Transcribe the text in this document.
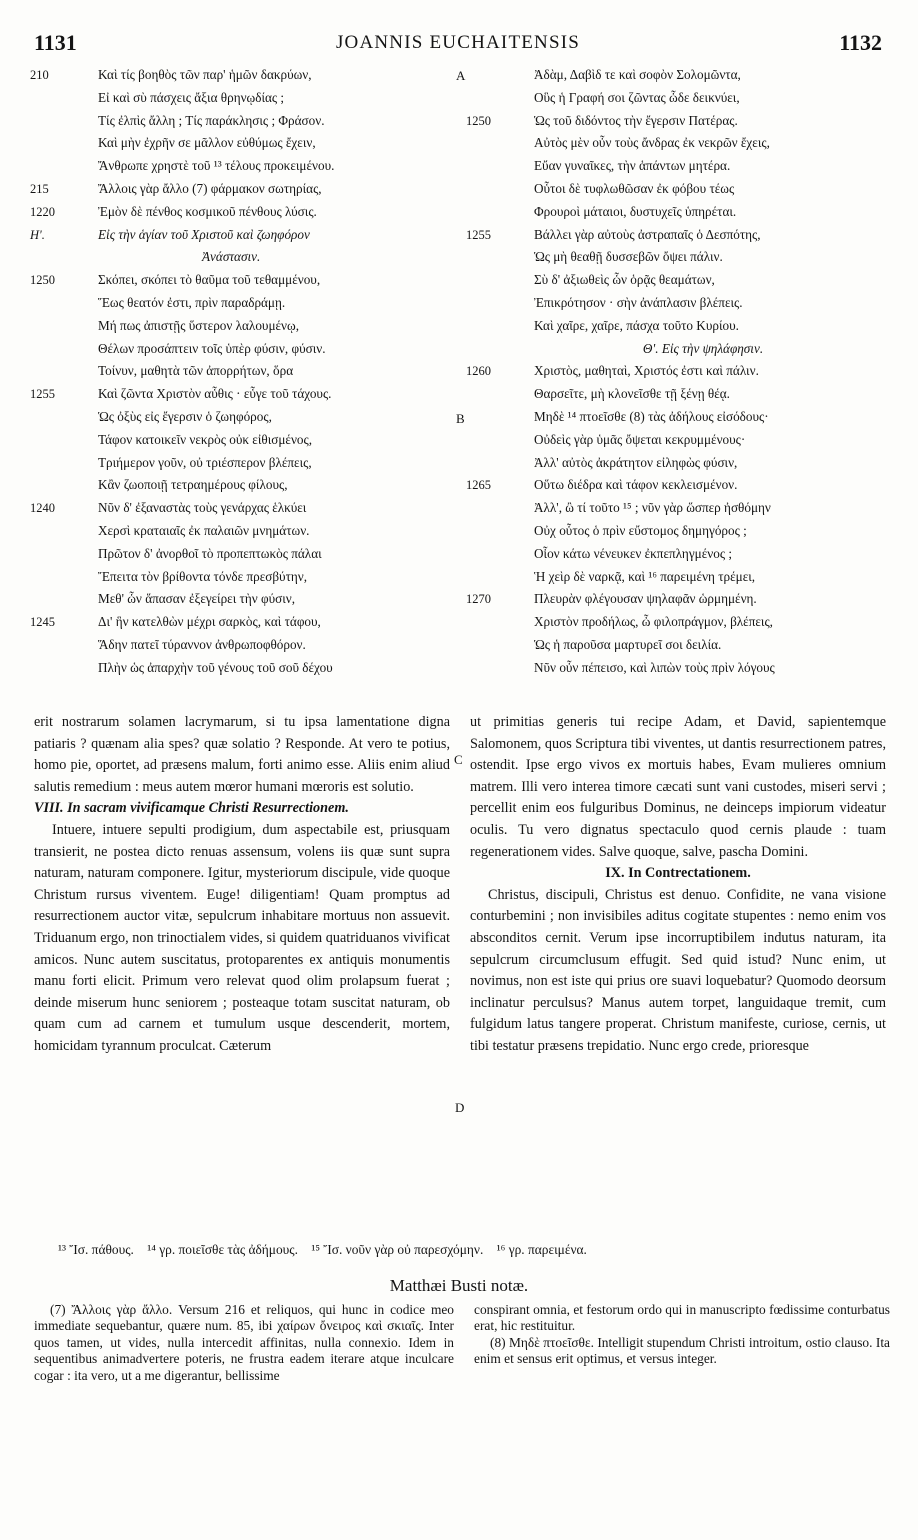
1131	JOANNIS EUCHAITENSIS	1132
210	Καὶ τίς βοηθὸς τῶν παρ' ἡμῶν δακρύων,
Εἰ καὶ σὺ πάσχεις ἄξια θρηνῳδίας ;
Τίς ἐλπὶς ἄλλη ; Τίς παράκλησις ; Φράσον.
Καὶ μὴν ἐχρῆν σε μᾶλλον εὐθύμως ἔχειν,
Ἄνθρωπε χρηστὲ τοῦ ¹³ τέλους προκειμένου.
215	Ἄλλοις γὰρ ἄλλο (7) φάρμακον σωτηρίας,
1220	Ἐμὸν δὲ πένθος κοσμικοῦ πένθους λύσις.
Η'.	Εἰς τὴν ἁγίαν τοῦ Χριστοῦ καὶ ζωηφόρον
Ἀνάστασιν.
1250	Σκόπει, σκόπει τὸ θαῦμα τοῦ τεθαμμένου,
Ἕως θεατόν ἐστι, πρὶν παραδράμῃ.
Μή πως ἀπιστῇς ὕστερον λαλουμένῳ,
Θέλων προσάπτειν τοῖς ὑπὲρ φύσιν, φύσιν.
Τοίνυν, μαθητὰ τῶν ἀπορρήτων, ὅρα
1255	Καὶ ζῶντα Χριστὸν αὖθις · εὖγε τοῦ τάχους.
Ὡς ὀξὺς εἰς ἔγερσιν ὁ ζωηφόρος,
Τάφον κατοικεῖν νεκρὸς οὐκ εἰθισμένος,
Τριήμερον γοῦν, οὐ τριέσπερον βλέπεις,
Κἂν ζωοποιῇ τετραημέρους φίλους,
1240	Νῦν δ' ἐξαναστὰς τοὺς γενάρχας ἑλκύει
Χερσὶ κραταιαῖς ἐκ παλαιῶν μνημάτων.
Πρῶτον δ' ἀνορθοῖ τὸ προπεπτωκὸς πάλαι
Ἔπειτα τὸν βρίθοντα τόνδε πρεσβύτην,
Μεθ' ὧν ἅπασαν ἐξεγείρει τὴν φύσιν,
1245	Δι' ἣν κατελθὼν μέχρι σαρκὸς, καὶ τάφου,
Ἅδην πατεῖ τύραννον ἀνθρωποφθόρον.
Πλὴν ὡς ἀπαρχὴν τοῦ γένους τοῦ σοῦ δέχου
Ἀδὰμ, Δαβὶδ τε καὶ σοφὸν Σολομῶντα,
Οὓς ἡ Γραφή σοι ζῶντας ὧδε δεικνύει,
1250	Ὡς τοῦ διδόντος τὴν ἔγερσιν Πατέρας.
Αὐτὸς μὲν οὖν τοὺς ἄνδρας ἐκ νεκρῶν ἔχεις,
Εὔαν γυναῖκες, τὴν ἁπάντων μητέρα.
Οὗτοι δὲ τυφλωθῶσαν ἐκ φόβου τέως
Φρουροὶ μάταιοι, δυστυχεῖς ὑπηρέται.
1255	Βάλλει γὰρ αὐτοὺς ἀστραπαῖς ὁ Δεσπότης,
Ὡς μὴ θεαθῇ δυσσεβῶν ὄψει πάλιν.
Σὺ δ' ἀξιωθεὶς ὧν ὁρᾷς θεαμάτων,
Ἐπικρότησον · σὴν ἀνάπλασιν βλέπεις.
Καὶ χαῖρε, χαῖρε, πάσχα τοῦτο Κυρίου.
Θ'. Εἰς τὴν ψηλάφησιν.
1260	Χριστὸς, μαθηταὶ, Χριστός ἐστι καὶ πάλιν.
Θαρσεῖτε, μὴ κλονεῖσθε τῇ ξένῃ θέᾳ.
Μηδὲ ¹⁴ πτοεῖσθε (8) τὰς ἀδήλους εἰσόδους·
Οὐδεὶς γὰρ ὑμᾶς ὄψεται κεκρυμμένους·
Ἀλλ' αὐτὸς ἀκράτητον εἰληφὼς φύσιν,
1265	Οὕτω διέδρα καὶ τάφον κεκλεισμένον.
Ἀλλ', ὢ τί τοῦτο ¹⁵ ; νῦν γὰρ ὥσπερ ἠσθόμην
Οὐχ οὗτος ὁ πρὶν εὔστομος δημηγόρος ;
Οἷον κάτω νένευκεν ἐκπεπληγμένος ;
Ἡ χεὶρ δὲ ναρκᾷ, καὶ ¹⁶ παρειμένη τρέμει,
1270	Πλευρὰν φλέγουσαν ψηλαφᾶν ὡρμημένη.
Χριστὸν προδήλως, ὦ φιλοπράγμον, βλέπεις,
Ὡς ἡ παροῦσα μαρτυρεῖ σοι δειλία.
Νῦν οὖν πέπεισο, καὶ λιπὼν τοὺς πρὶν λόγους
A
B
C
D

erit nostrarum solamen lacrymarum, si tu ipsa lamentatione digna patiaris ? quænam alia spes? quæ solatio ? Responde. At vero te potius, homo pie, oportet, ad præsens malum, forti animo esse. Aliis enim aliud salutis remedium : meus autem mœror humani mœroris est solutio.

VIII. In sacram vivificamque Christi Resurrectionem.

Intuere, intuere sepulti prodigium, dum aspectabile est, priusquam transierit, ne postea dicto renuas assensum, volens iis quæ sunt supra naturam, naturam componere. Igitur, mysteriorum discipule, vide quoque Christum rursus viventem. Euge! diligentiam! Quam promptus ad resurrectionem auctor vitæ, sepulcrum inhabitare mortuus non assuevit. Triduanum ergo, non trinoctialem vides, si quidem quatriduanos vivificat amicos. Nunc autem suscitatus, protoparentes ex antiquis monumentis manu forti elicit. Primum vero relevat quod olim prolapsum fuerat ; deinde miserum hunc seniorem ; posteaque totam suscitat naturam, ob quam cum ad carnem et tumulum usque descenderit, mortem, homicidam tyrannum proculcat. Cæterum

ut primitias generis tui recipe Adam, et David, sapientemque Salomonem, quos Scriptura tibi viventes, ut dantis resurrectionem patres, ostendit. Ipse ergo vivos ex mortuis habes, Evam mulieres omnium matrem. Illi vero interea timore cæcati sunt vani custodes, miseri servi ; percellit enim eos fulguribus Dominus, ne deinceps impiorum videatur oculis. Tu vero dignatus spectaculo quod cernis plaude : tuam regenerationem vides. Salve quoque, salve, pascha Domini.

IX. In Contrectationem.

Christus, discipuli, Christus est denuo. Confidite, ne vana visione conturbemini ; non invisibiles aditus cogitate stupentes : nemo enim vos absconditos cernit. Verum ipse incorruptibilem indutus naturam, ita sepulcrum circumclusum effugit. Sed quid istud? Nunc enim, ut novimus, non est iste qui prius ore suavi loquebatur? Quomodo deorsum inclinatur perculsus? Manus autem torpet, languidaque tremit, cum fulgidum latus tangere properat. Christum manifeste, curiose, cernis, ut tibi testatur præsens trepidatio. Nunc ergo crede, prioresque

¹³ Ἴσ. πάθους. ¹⁴ γρ. ποιεῖσθε τὰς ἀδήμους. ¹⁵ Ἴσ. νοῦν γὰρ οὐ παρεσχόμην. ¹⁶ γρ. παρειμένα.
Matthæi Busti notæ.

(7) Ἄλλοις γὰρ ἄλλο. Versum 216 et reliquos, qui hunc in codice meo immediate sequebantur, quære num. 85, ibi χαίρων ὄνειρος καὶ σκιαῖς. Inter quos tamen, ut vides, nulla intercedit affinitas, nulla connexio. Idem in sequentibus animadvertere poteris, ne frustra eadem iterare atque inculcare cogar : ita vero, ut a me digerantur, bellissime

conspirant omnia, et festorum ordo qui in manuscripto fœdissime conturbatus erat, hic restituitur.

(8) Μηδὲ πτοεῖσθε. Intelligit stupendum Christi introitum, ostio clauso. Ita enim et sensus erit optimus, et versus integer.
